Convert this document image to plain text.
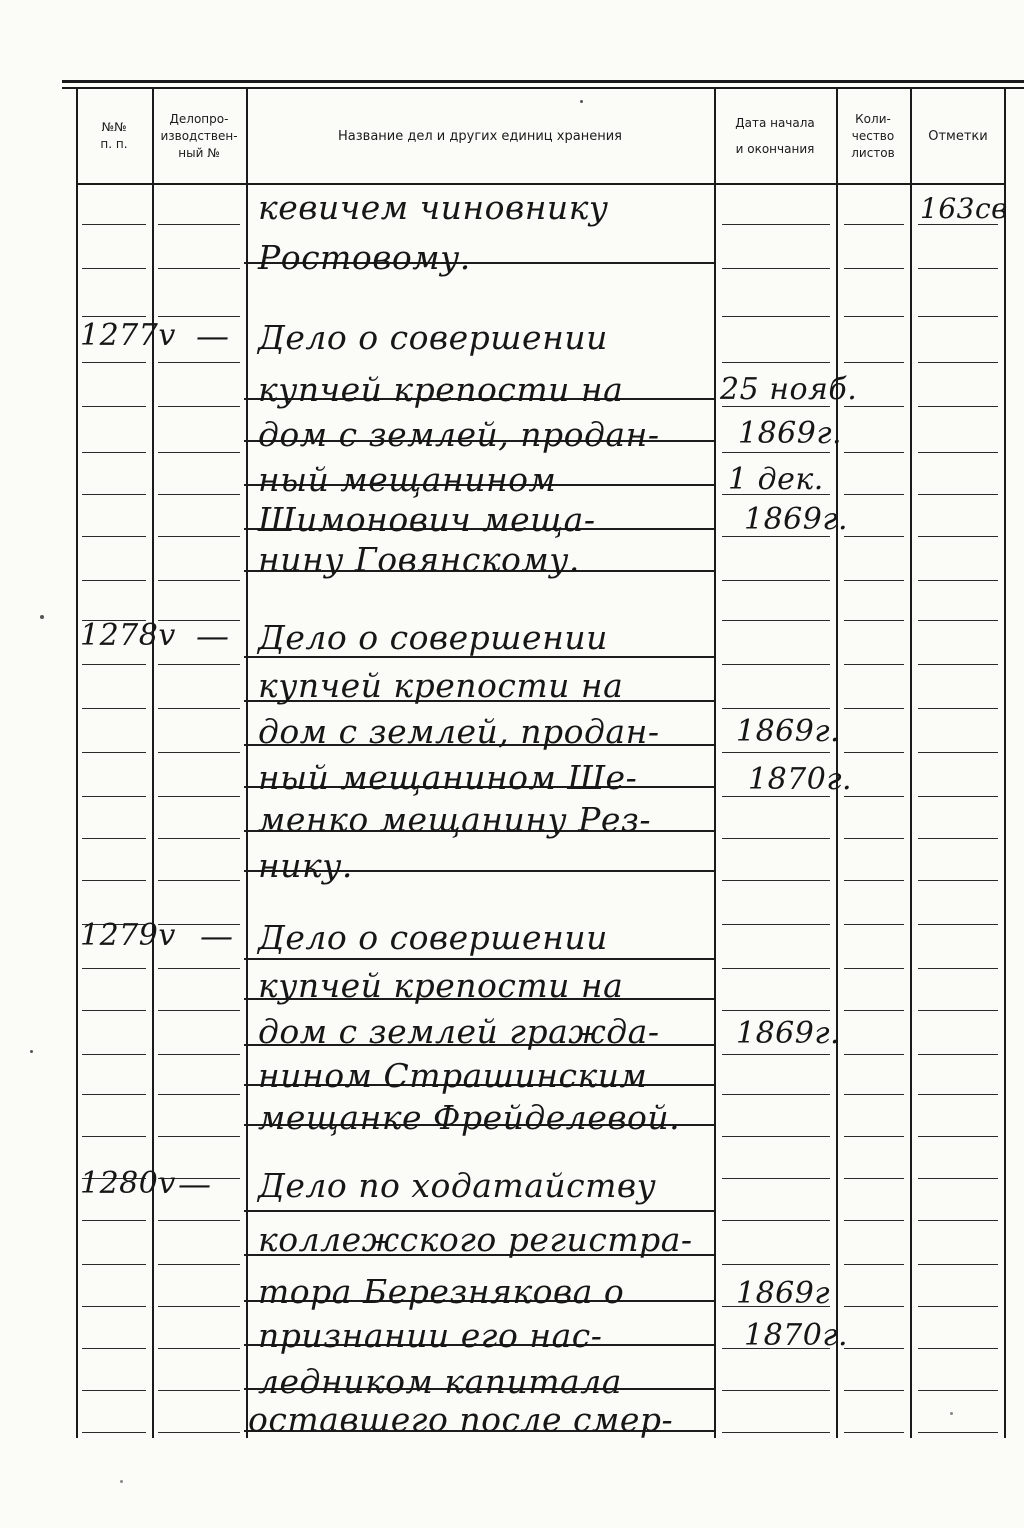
№№
п. п.
Делопро-
изводствен-
ный №
Название дел и других единиц хранения
Дата начала
и окончания
Коли-
чество
листов
Отметки
кевичем чиновнику
Ростовому.
163св
1277v — Дело о совершении
купчей крепости на
дом с землей, продан-
ный мещанином
Шимонович меща-
нину Говянскому.
25 нояб.
1869г.
1 дек.
1869г.
1278v — Дело о совершении
купчей крепости на
дом с землей, продан-
ный мещанином Ше-
менко мещанину Рез-
нику.
1869г.
1870г.
1279v — Дело о совершении
купчей крепости на
дом с землей гражда-
нином Страшинским
мещанке Фрейделевой.
1869г.
1280v — Дело по ходатайству
коллежского регистра-
тора Березнякова о
признании его нас-
ледником капитала
оставшего после смер-
1869г
1870г.
